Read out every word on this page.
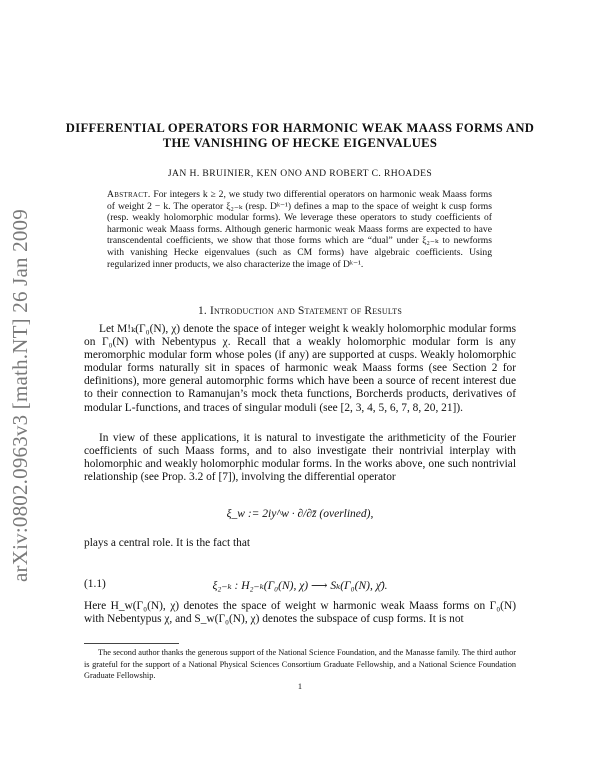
arXiv:0802.0963v3 [math.NT] 26 Jan 2009
DIFFERENTIAL OPERATORS FOR HARMONIC WEAK MAASS FORMS AND THE VANISHING OF HECKE EIGENVALUES
JAN H. BRUINIER, KEN ONO AND ROBERT C. RHOADES
Abstract. For integers k ≥ 2, we study two differential operators on harmonic weak Maass forms of weight 2 − k. The operator ξ₂₋ₖ (resp. Dᵏ⁻¹) defines a map to the space of weight k cusp forms (resp. weakly holomorphic modular forms). We leverage these operators to study coefficients of harmonic weak Maass forms. Although generic harmonic weak Maass forms are expected to have transcendental coefficients, we show that those forms which are “dual” under ξ₂₋ₖ to newforms with vanishing Hecke eigenvalues (such as CM forms) have algebraic coefficients. Using regularized inner products, we also characterize the image of Dᵏ⁻¹.
1. Introduction and Statement of Results
Let M!ₖ(Γ₀(N), χ) denote the space of integer weight k weakly holomorphic modular forms on Γ₀(N) with Nebentypus χ. Recall that a weakly holomorphic modular form is any meromorphic modular form whose poles (if any) are supported at cusps. Weakly holomorphic modular forms naturally sit in spaces of harmonic weak Maass forms (see Section 2 for definitions), more general automorphic forms which have been a source of recent interest due to their connection to Ramanujan’s mock theta functions, Borcherds products, derivatives of modular L-functions, and traces of singular moduli (see [2, 3, 4, 5, 6, 7, 8, 20, 21]).
In view of these applications, it is natural to investigate the arithmeticity of the Fourier coefficients of such Maass forms, and to also investigate their nontrivial interplay with holomorphic and weakly holomorphic modular forms. In the works above, one such nontrivial relationship (see Prop. 3.2 of [7]), involving the differential operator
ξ_w := 2iy^w · ∂/∂z̄ (overlined),
plays a central role. It is the fact that
(1.1)	ξ₂₋ₖ : H₂₋ₖ(Γ₀(N), χ) ⟶ Sₖ(Γ₀(N), χ̄).
Here H_w(Γ₀(N), χ) denotes the space of weight w harmonic weak Maass forms on Γ₀(N) with Nebentypus χ, and S_w(Γ₀(N), χ) denotes the subspace of cusp forms. It is not
The second author thanks the generous support of the National Science Foundation, and the Manasse family. The third author is grateful for the support of a National Physical Sciences Consortium Graduate Fellowship, and a National Science Foundation Graduate Fellowship.
1
